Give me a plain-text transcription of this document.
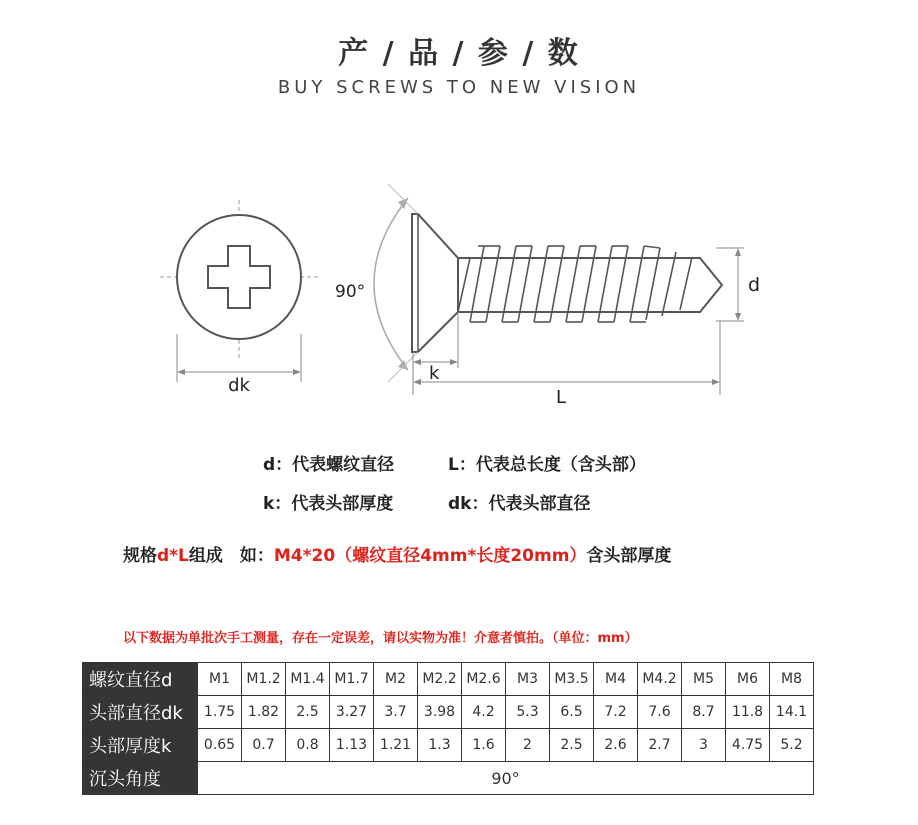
产 / 品 / 参 / 数
BUY SCREWS TO NEW VISION
dk
90°	d
k
L
d：代表螺纹直径	L：代表总长度（含头部）
k：代表头部厚度	dk：代表头部直径
规格d*L组成　如：M4*20（螺纹直径4mm*长度20mm）含头部厚度
以下数据为单批次手工测量，存在一定误差，请以实物为准！介意者慎拍。（单位：mm）
螺纹直径d	M1	M1.2	M1.4	M1.7	M2	M2.2	M2.6	M3	M3.5	M4	M4.2	M5	M6	M8
头部直径dk	1.75	1.82	2.5	3.27	3.7	3.98	4.2	5.3	6.5	7.2	7.6	8.7	11.8	14.1
头部厚度k	0.65	0.7	0.8	1.13	1.21	1.3	1.6	2	2.5	2.6	2.7	3	4.75	5.2
沉头角度	90°													
